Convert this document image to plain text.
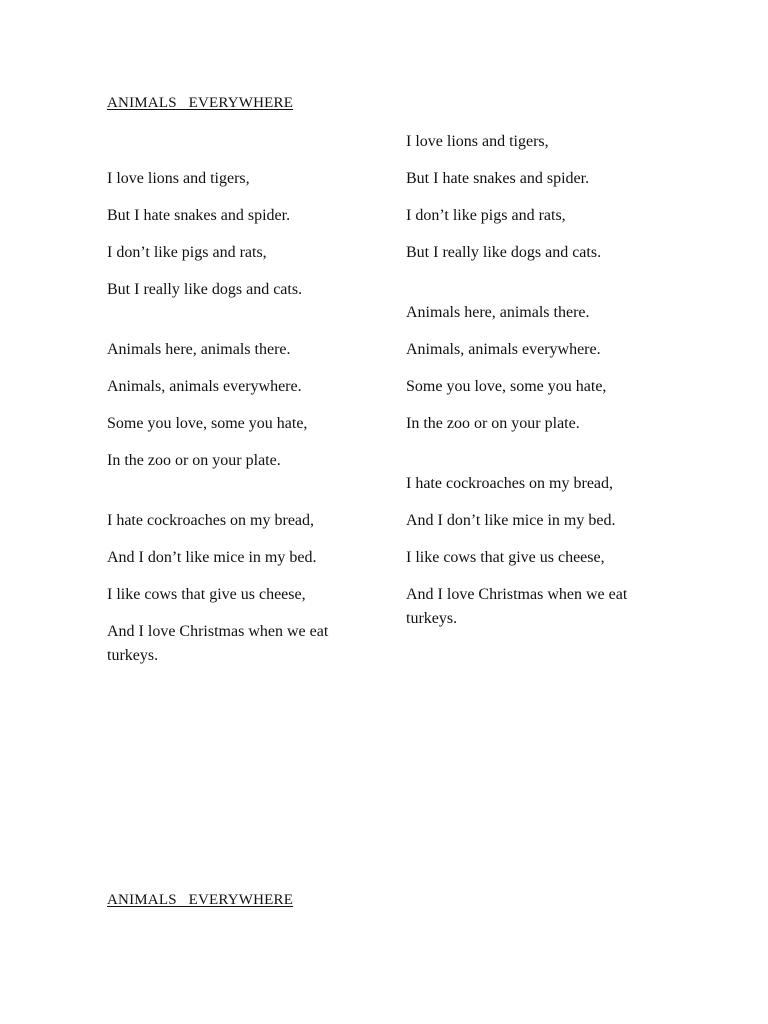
ANIMALS   EVERYWHERE
I love lions and tigers,
But I hate snakes and spider.
I don’t like pigs and rats,
But I really like dogs and cats.
Animals here, animals there.
Animals, animals everywhere.
Some you love, some you hate,
In the zoo or on your plate.
I hate cockroaches on my bread,
And I don’t like mice in my bed.
I like cows that give us cheese,
And I love Christmas when we eat turkeys.
I love lions and tigers,
But I hate snakes and spider.
I don’t like pigs and rats,
But I really like dogs and cats.
Animals here, animals there.
Animals, animals everywhere.
Some you love, some you hate,
In the zoo or on your plate.
I hate cockroaches on my bread,
And I don’t like mice in my bed.
I like cows that give us cheese,
And I love Christmas when we eat turkeys.
ANIMALS   EVERYWHERE
